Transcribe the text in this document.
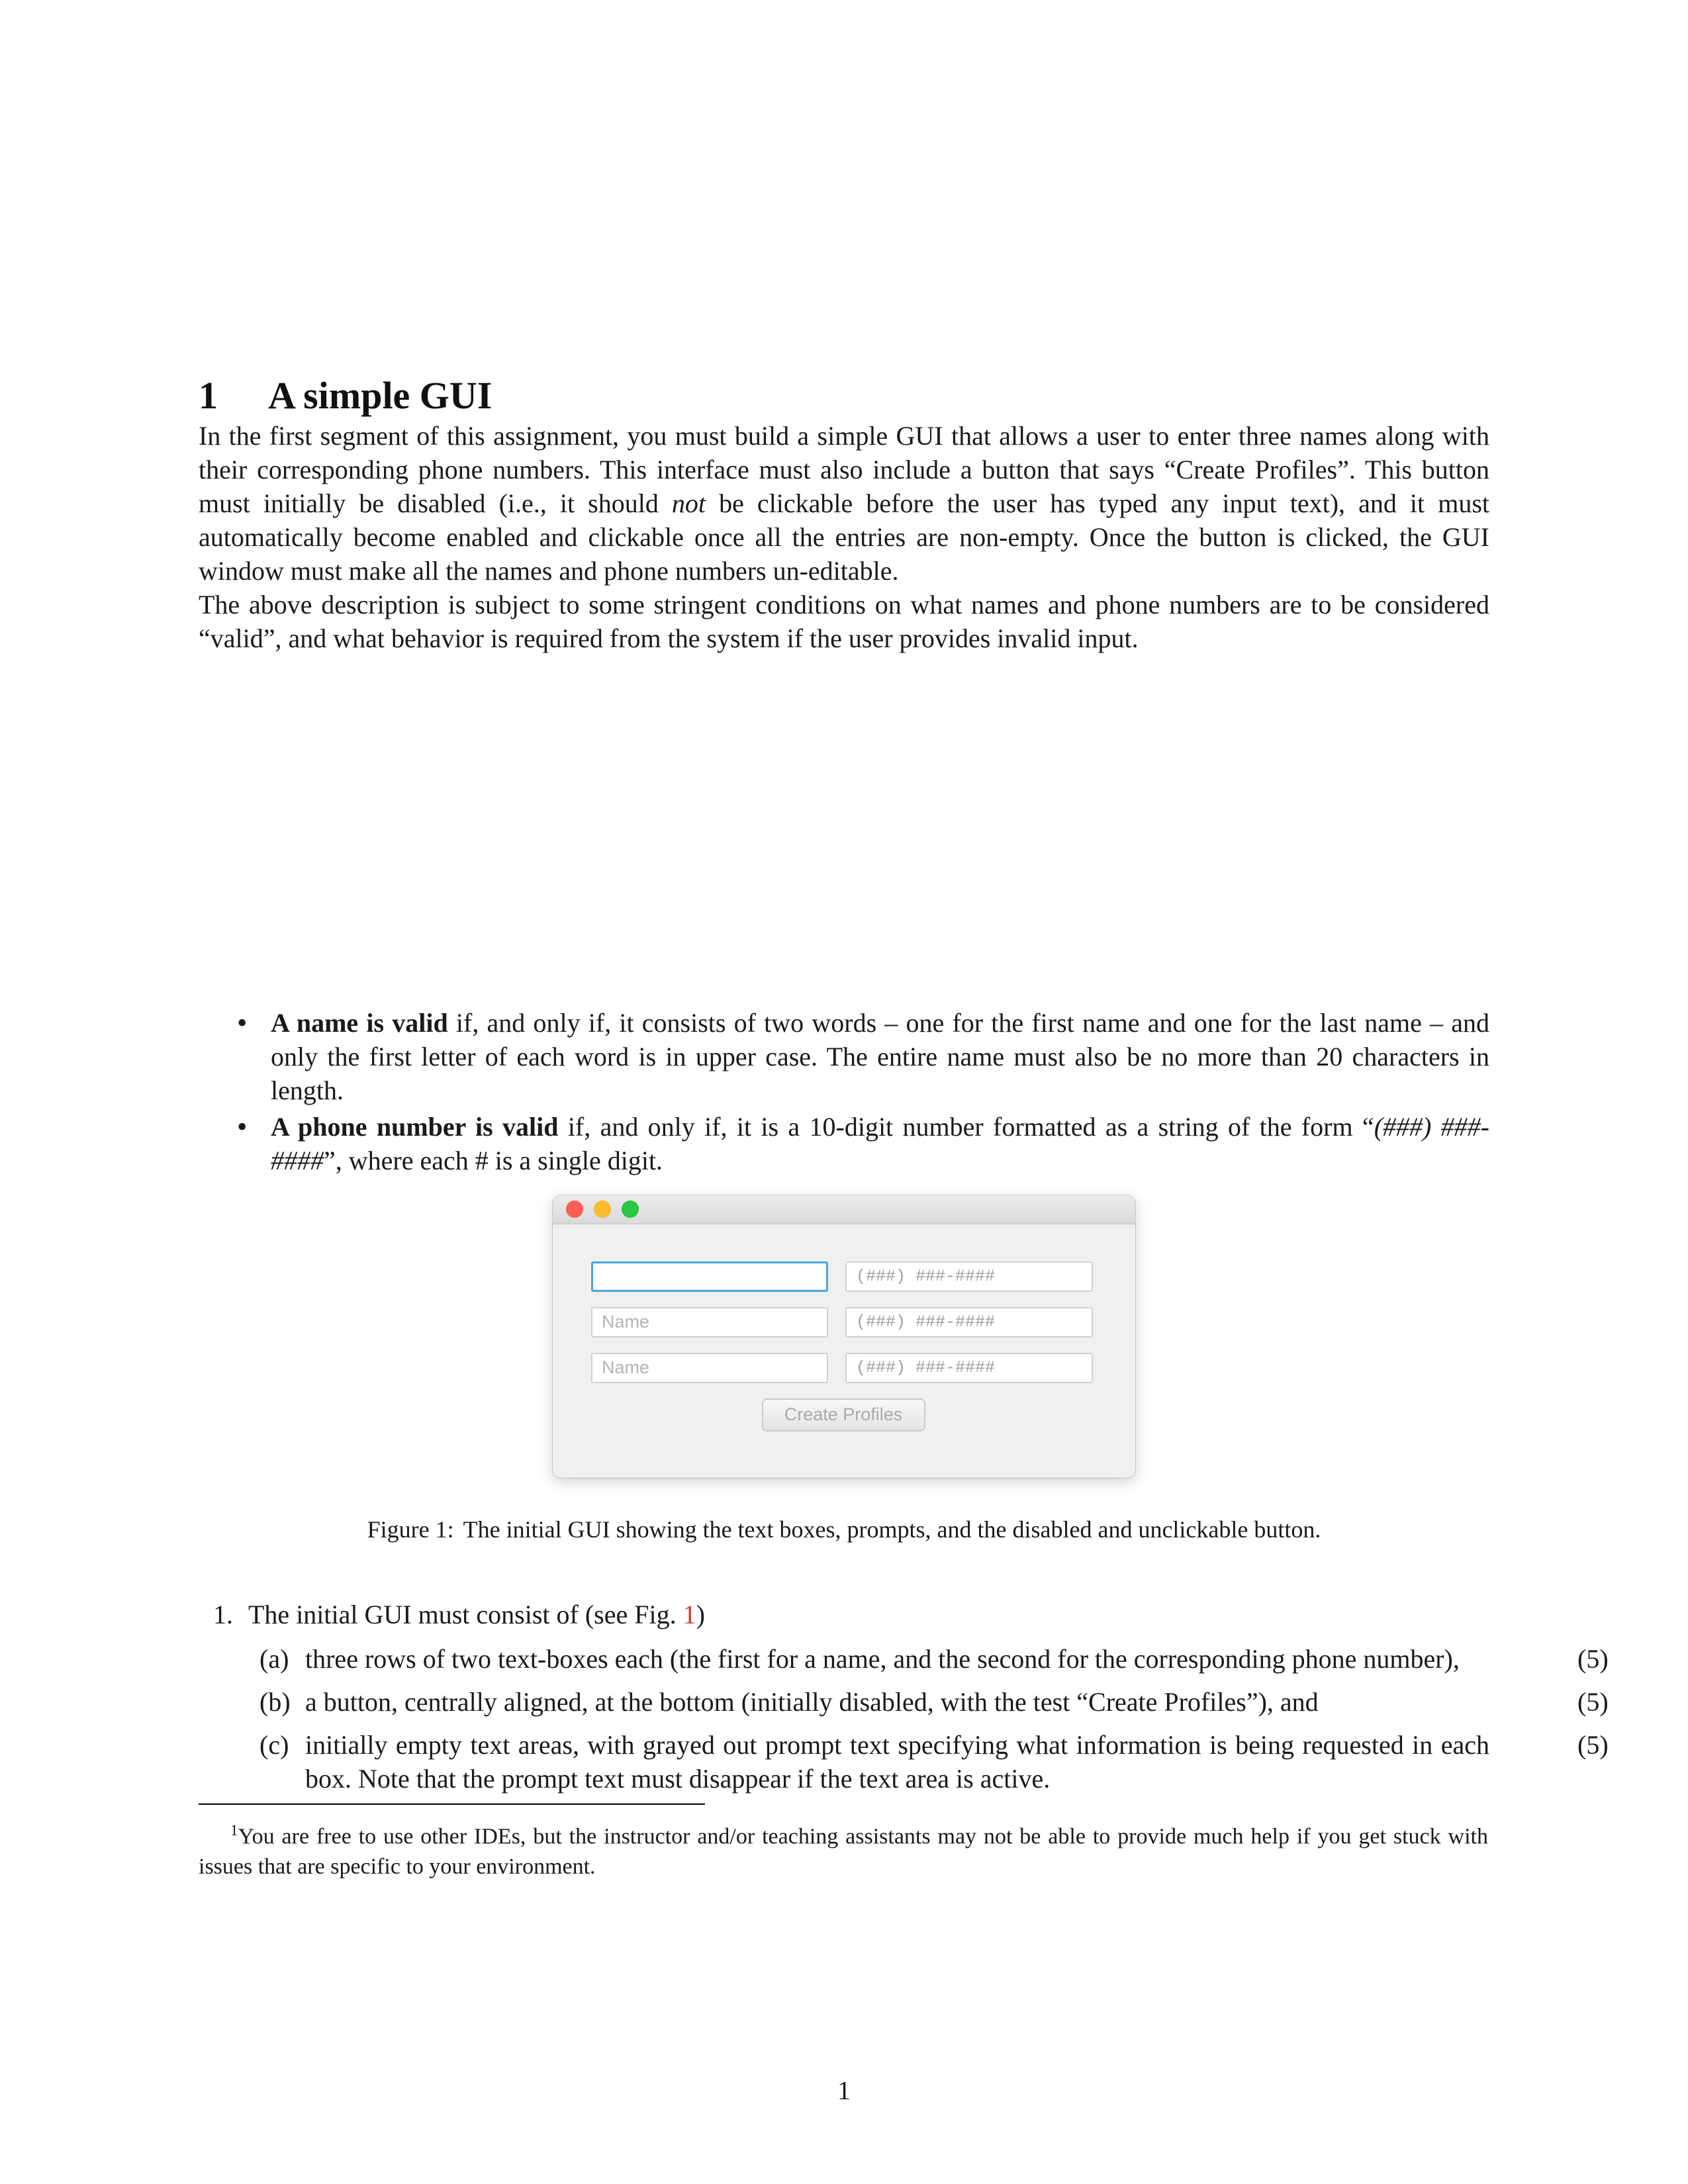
1 A simple GUI

In the first segment of this assignment, you must build a simple GUI that allows a user to enter three names along with their corresponding phone numbers. This interface must also include a button that says “Create Profiles”. This button must initially be disabled (i.e., it should not be clickable before the user has typed any input text), and it must automatically become enabled and clickable once all the entries are non-empty. Once the button is clicked, the GUI window must make all the names and phone numbers un-editable.

The above description is subject to some stringent conditions on what names and phone numbers are to be considered “valid”, and what behavior is required from the system if the user provides invalid input.

• A name is valid if, and only if, it consists of two words – one for the first name and one for the last name – and only the first letter of each word is in upper case. The entire name must also be no more than 20 characters in length.
• A phone number is valid if, and only if, it is a 10-digit number formatted as a string of the form “(###) ###-####”, where each # is a single digit.
(###) ###-####
Name
(###) ###-####
Name
(###) ###-####
Create Profiles
Figure 1: The initial GUI showing the text boxes, prompts, and the disabled and unclickable button.
1. The initial GUI must consist of (see Fig. 1)
(a) three rows of two text-boxes each (the first for a name, and the second for the corresponding phone number),	(5)
(b) a button, centrally aligned, at the bottom (initially disabled, with the test “Create Profiles”), and	(5)
(c) initially empty text areas, with grayed out prompt text specifying what information is being requested in each box. Note that the prompt text must disappear if the text area is active.
(5)
$^1$You are free to use other IDEs, but the instructor and/or teaching assistants may not be able to provide much help if you get stuck with issues that are specific to your environment.
1
